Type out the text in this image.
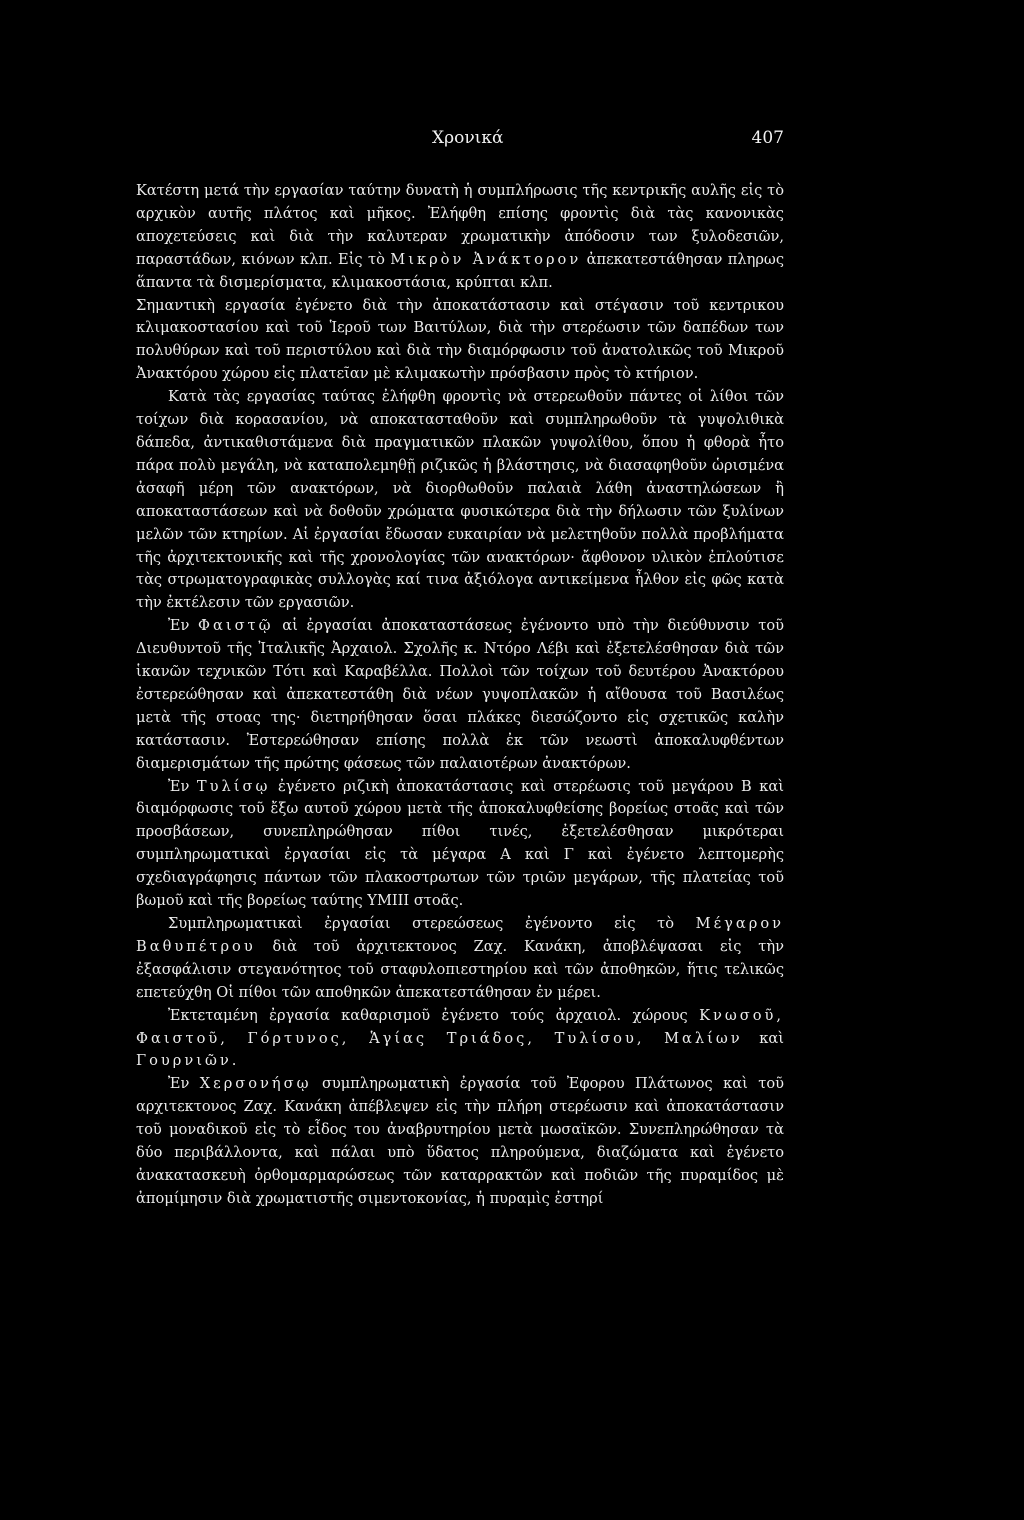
Χρονικά	407

Κατέστη μετά τὴν εργασίαν ταύτην δυνατὴ ἡ συμπλήρωσις τῆς κεντρικῆς αυλῆς εἰς τὸ αρχικὸν αυτῆς πλάτος καὶ μῆκος. Ἐλήφθη επίσης φροντὶς διὰ τὰς κανονικὰς αποχετεύσεις καὶ διὰ τὴν καλυτεραν χρωματικὴν ἀπόδοσιν των ξυλοδεσιῶν, παραστάδων, κιόνων κλπ. Εἰς τὸ Μικρὸν Ἀνάκτορον ἀπεκατεστάθησαν πληρως ἅπαντα τὰ δισμερίσματα, κλιμακοστάσια, κρύπται κλπ.

Σημαντικὴ εργασία ἐγένετο διὰ τὴν ἀποκατάστασιν καὶ στέγασιν τοῦ κεντρικου κλιμακοστασίου καὶ τοῦ Ἱεροῦ των Βαιτύλων, διὰ τὴν στερέωσιν τῶν δαπέδων των πολυθύρων καὶ τοῦ περιστύλου καὶ διὰ τὴν διαμόρφωσιν τοῦ ἀνατολικῶς τοῦ Μικροῦ Ἀνακτόρου χώρου εἰς πλατεῖαν μὲ κλιμακωτὴν πρόσβασιν πρὸς τὸ κτήριον.

Κατὰ τὰς εργασίας ταύτας ἐλήφθη φροντὶς νὰ στερεωθοῦν πάντες οἱ λίθοι τῶν τοίχων διὰ κορασανίου, νὰ αποκατασταθοῦν καὶ συμπληρωθοῦν τὰ γυψολιθικὰ δάπεδα, ἀντικαθιστάμενα διὰ πραγματικῶν πλακῶν γυψολίθου, ὅπου ἡ φθορὰ ἦτο πάρα πολὺ μεγάλη, νὰ καταπολεμηθῇ ριζικῶς ἡ βλάστησις, νὰ διασαφηθοῦν ὡρισμένα ἀσαφῆ μέρη τῶν ανακτόρων, νὰ διορθωθοῦν παλαιὰ λάθη ἀναστηλώσεων ἢ αποκαταστάσεων καὶ νὰ δοθοῦν χρώματα φυσικώτερα διὰ τὴν δήλωσιν τῶν ξυλίνων μελῶν τῶν κτηρίων. Αἱ ἐργασίαι ἔδωσαν ευκαιρίαν νὰ μελετηθοῦν πολλὰ προβλήματα τῆς ἀρχιτεκτονικῆς καὶ τῆς χρονολογίας τῶν ανακτόρων· ἄφθονον υλικὸν ἐπλούτισε τὰς στρωματογραφικὰς συλλογὰς καί τινα ἀξιόλογα αντικείμενα ἦλθον εἰς φῶς κατὰ τὴν ἐκτέλεσιν τῶν εργασιῶν.

Ἐν Φαιστῷ αἱ ἐργασίαι ἀποκαταστάσεως ἐγένοντο υπὸ τὴν διεύθυνσιν τοῦ Διευθυντοῦ τῆς Ἰταλικῆς Ἀρχαιολ. Σχολῆς κ. Ντόρο Λέβι καὶ ἐξετελέσθησαν διὰ τῶν ἱκανῶν τεχνικῶν Τότι καὶ Καραβέλλα. Πολλοὶ τῶν τοίχων τοῦ δευτέρου Ἀνακτόρου ἐστερεώθησαν καὶ ἀπεκατεστάθη διὰ νέων γυψοπλακῶν ἡ αἴθουσα τοῦ Βασιλέως μετὰ τῆς στοας της· διετηρήθησαν ὅσαι πλάκες διεσώζοντο εἰς σχετικῶς καλὴν κατάστασιν. Ἐστερεώθησαν επίσης πολλὰ ἐκ τῶν νεωστὶ ἀποκαλυφθέντων διαμερισμάτων τῆς πρώτης φάσεως τῶν παλαιοτέρων ἀνακτόρων.

Ἐν Τυλίσῳ ἐγένετο ριζικὴ ἀποκατάστασις καὶ στερέωσις τοῦ μεγάρου Β καὶ διαμόρφωσις τοῦ ἔξω αυτοῦ χώρου μετὰ τῆς ἀποκαλυφθείσης βορείως στοᾶς καὶ τῶν προσβάσεων, συνεπληρώθησαν πίθοι τινές, ἐξετελέσθησαν μικρότεραι συμπληρωματικαὶ ἐργασίαι εἰς τὰ μέγαρα Α καὶ Γ καὶ ἐγένετο λεπτομερὴς σχεδιαγράφησις πάντων τῶν πλακοστρωτων τῶν τριῶν μεγάρων, τῆς πλατείας τοῦ βωμοῦ καὶ τῆς βορείως ταύτης ΥΜΙΙΙ στοᾶς.

Συμπληρωματικαὶ ἐργασίαι στερεώσεως ἐγένοντο εἰς τὸ Μέγαρον Βαθυπέτρου διὰ τοῦ ἀρχιτεκτονος Ζαχ. Κανάκη, ἀποβλέψασαι εἰς τὴν ἐξασφάλισιν στεγανότητος τοῦ σταφυλοπιεστηρίου καὶ τῶν ἀποθηκῶν, ἥτις τελικῶς επετεύχθη Οἱ πίθοι τῶν αποθηκῶν ἀπεκατεστάθησαν ἐν μέρει.

Ἐκτεταμένη ἐργασία καθαρισμοῦ ἐγένετο τούς ἀρχαιολ. χώρους Κνωσοῦ, Φαιστοῦ, Γόρτυνος, Ἁγίας Τριάδος, Τυλίσου, Μαλίων καὶ Γουρνιῶν.

Ἐν Χερσονήσῳ συμπληρωματικὴ ἐργασία τοῦ Ἐφορου Πλάτωνος καὶ τοῦ αρχιτεκτονος Ζαχ. Κανάκη ἀπέβλεψεν εἰς τὴν πλήρη στερέωσιν καὶ ἀποκατάστασιν τοῦ μοναδικοῦ εἰς τὸ εἶδος του ἀναβρυτηρίου μετὰ μωσαϊκῶν. Συνεπληρώθησαν τὰ δύο περιβάλλοντα, καὶ πάλαι υπὸ ὕδατος πληρούμενα, διαζώματα καὶ ἐγένετο ἀνακατασκευὴ ὀρθομαρμαρώσεως τῶν καταρρακτῶν καὶ ποδιῶν τῆς πυραμίδος μὲ ἀπομίμησιν διὰ χρωματιστῆς σιμεντοκονίας, ἡ πυραμὶς ἐστηρί
